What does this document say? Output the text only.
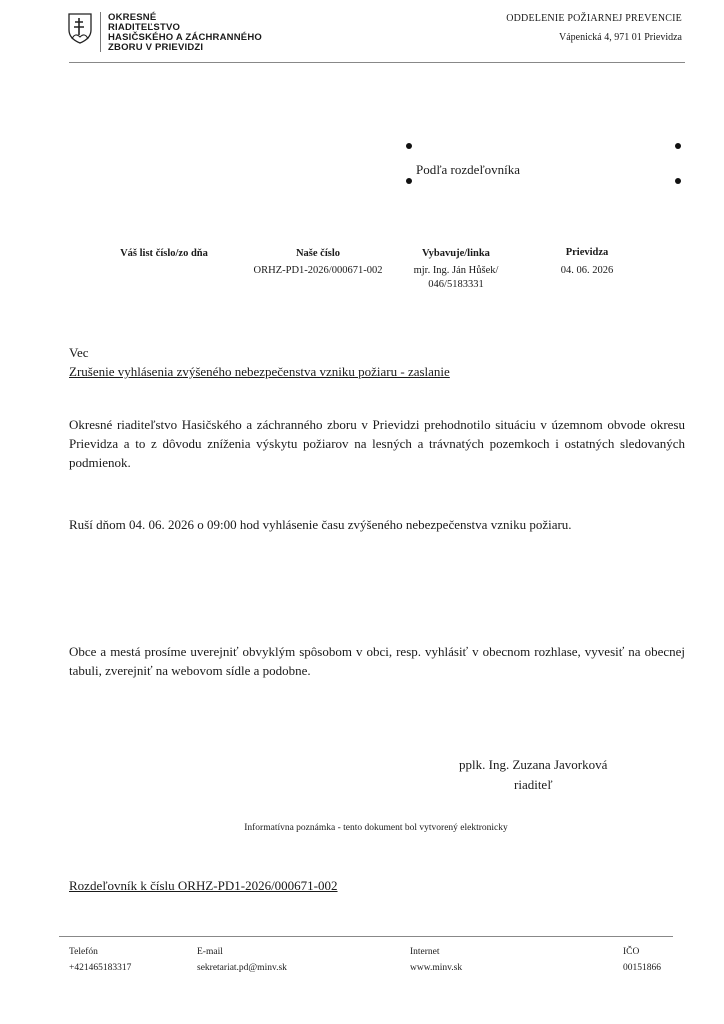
OKRESNÉ
RIADITEĽSTVO
HASIČSKÉHO A ZÁCHRANNÉHO
ZBORU V PRIEVIDZI
ODDELENIE POŽIARNEJ PREVENCIE
Vápenická 4, 971 01 Prievidza
Podľa rozdeľovníka
Váš list číslo/zo dňa	Naše číslo
ORHZ-PD1-2026/000671-002
Vybavuje/linka
mjr. Ing. Ján Hůšek/
046/5183331
Prievidza
04. 06. 2026
Vec
Zrušenie vyhlásenia zvýšeného nebezpečenstva vzniku požiaru - zaslanie
Okresné riaditeľstvo Hasičského a záchranného zboru v Prievidzi prehodnotilo situáciu v územnom obvode okresu Prievidza a to z dôvodu zníženia výskytu požiarov na lesných a trávnatých pozemkoch i ostatných sledovaných podmienok.
Ruší dňom 04. 06. 2026 o 09:00 hod vyhlásenie času zvýšeného nebezpečenstva vzniku požiaru.
Obce a mestá prosíme uverejniť obvyklým spôsobom v obci, resp. vyhlásiť v obecnom rozhlase, vyvesiť na obecnej tabuli, zverejniť na webovom sídle a podobne.
pplk. Ing. Zuzana Javorková
riaditeľ
Informatívna poznámka - tento dokument bol vytvorený elektronicky
Rozdeľovník k číslu ORHZ-PD1-2026/000671-002
Telefón
+421465183317
E-mail
sekretariat.pd@minv.sk
Internet
www.minv.sk
IČO
00151866
